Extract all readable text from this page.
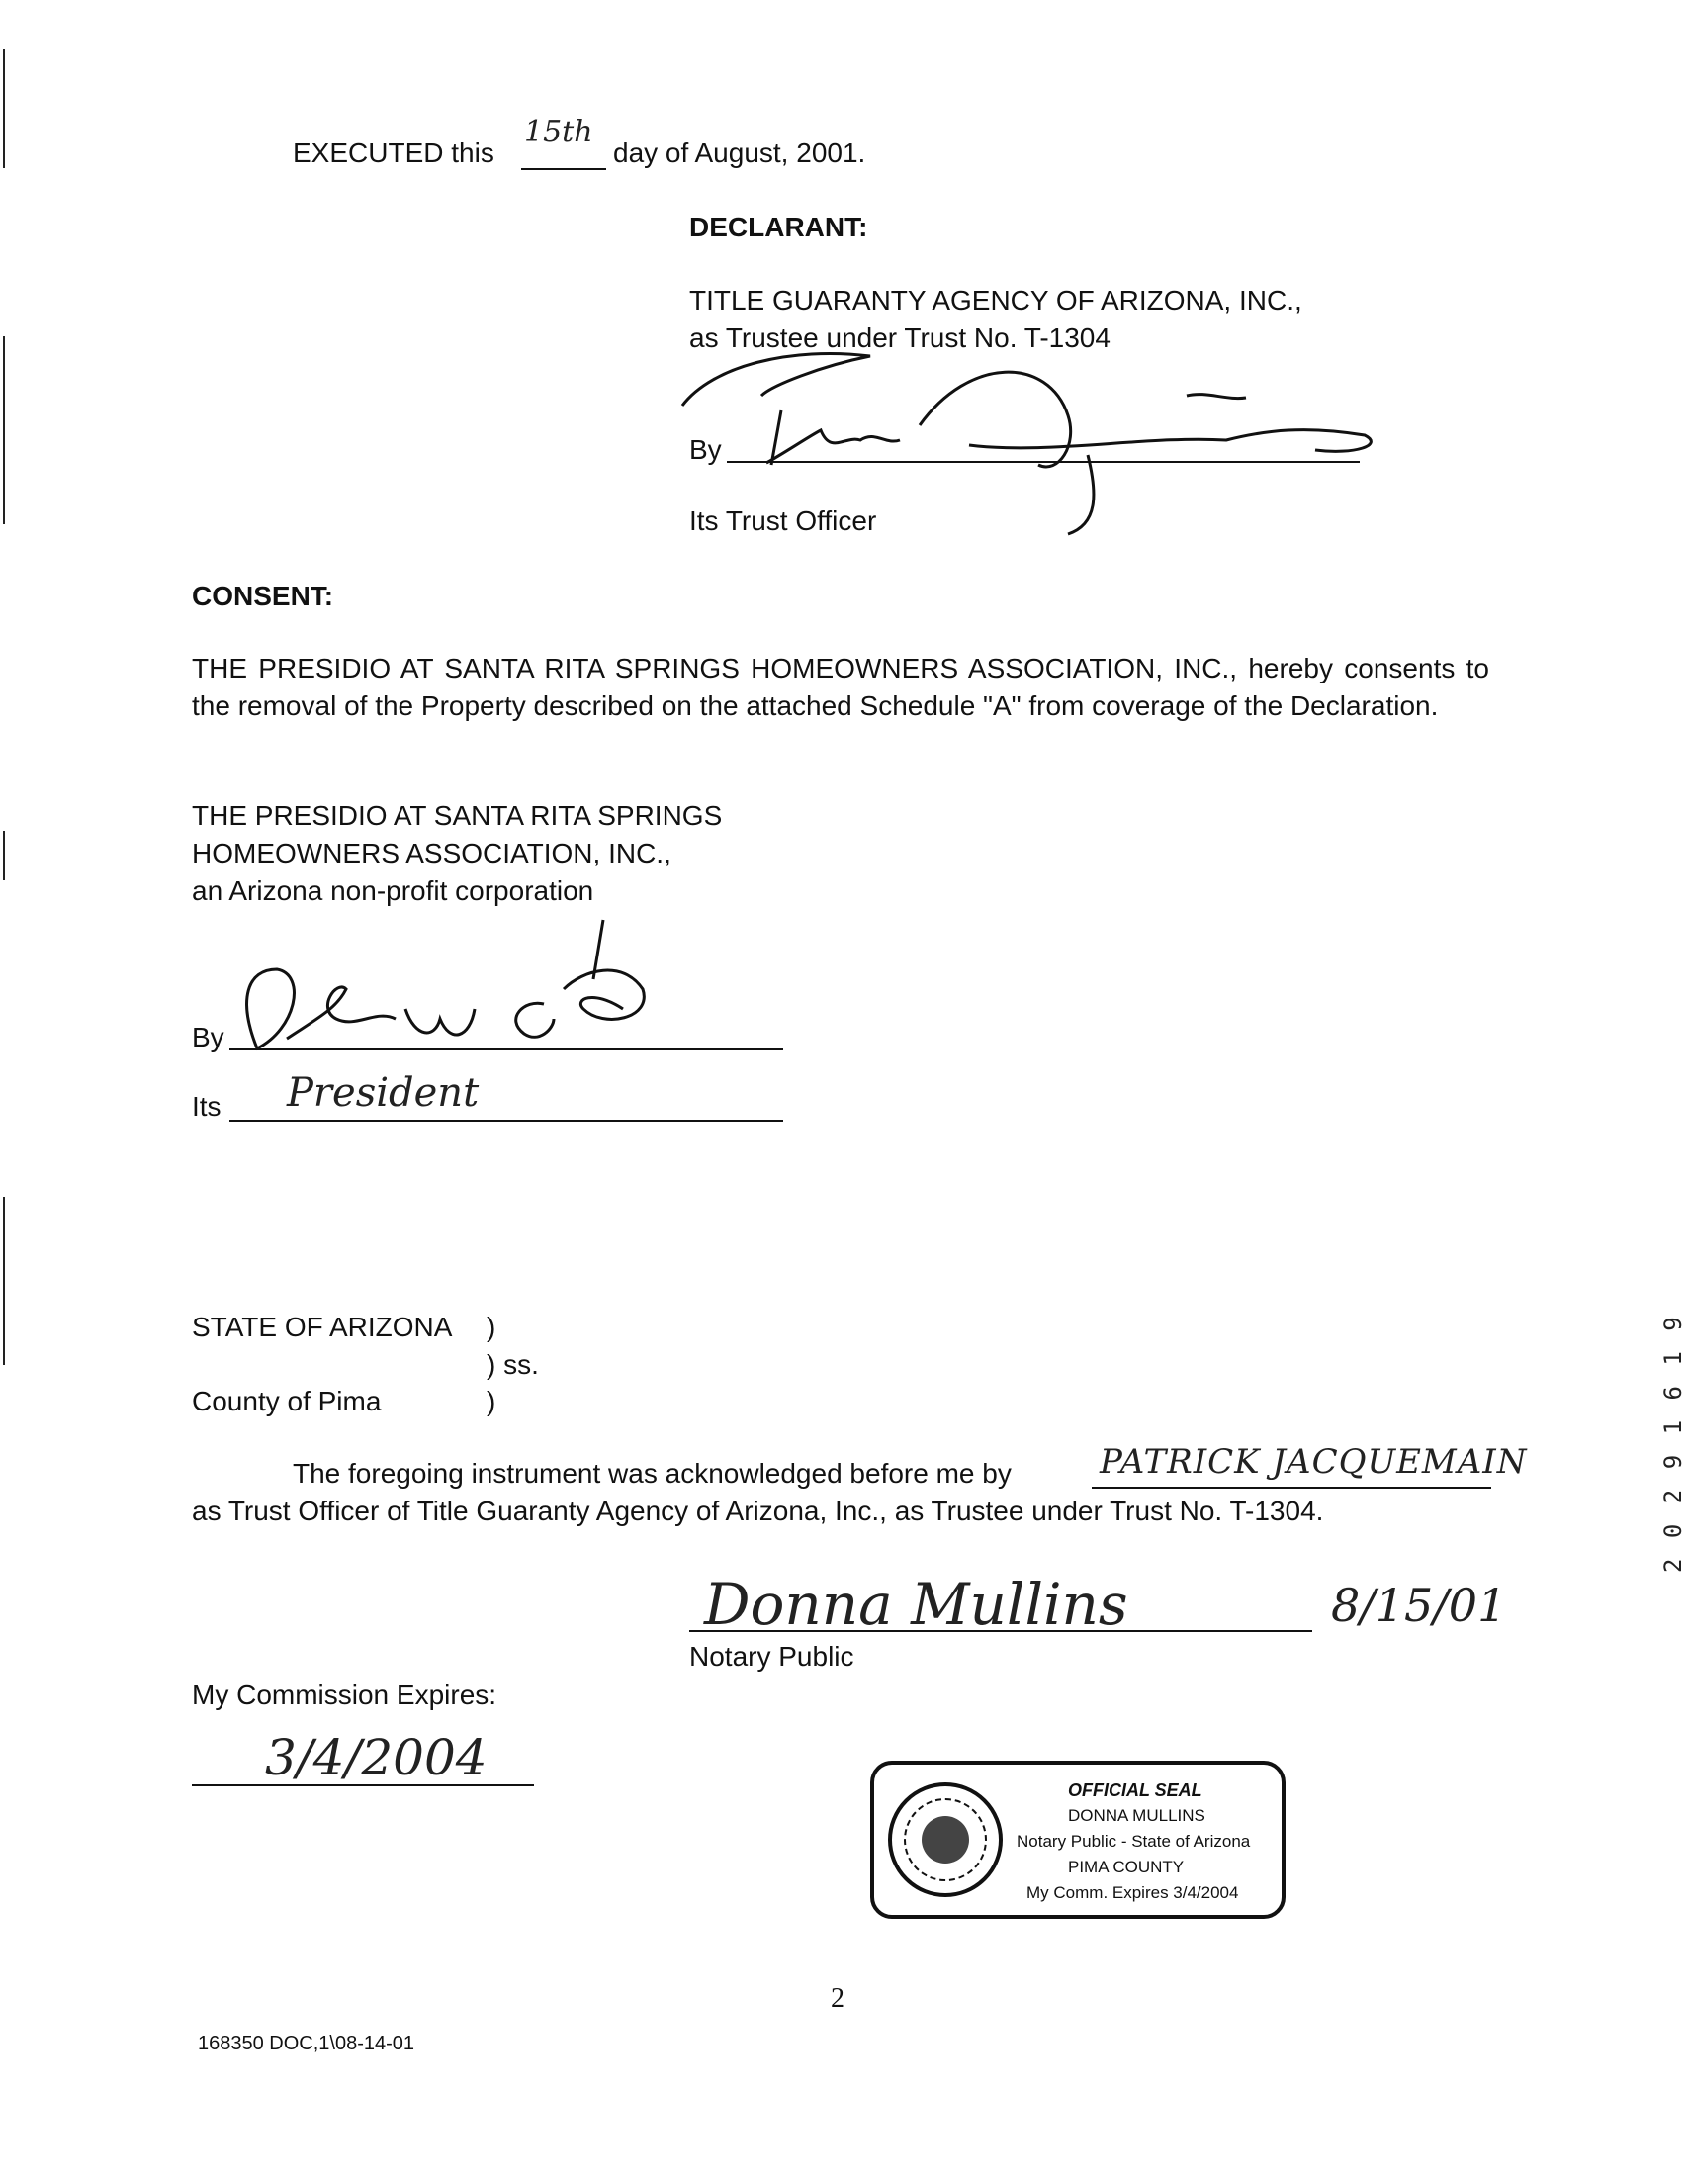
EXECUTED this
15th
day of August, 2001.
DECLARANT:
TITLE GUARANTY AGENCY OF ARIZONA, INC.,
as Trustee under Trust No. T-1304
By
Its Trust Officer
CONSENT:
THE PRESIDIO AT SANTA RITA SPRINGS HOMEOWNERS ASSOCIATION, INC., hereby consents to the removal of the Property described on the attached Schedule "A" from coverage of the Declaration.
THE PRESIDIO AT SANTA RITA SPRINGS
HOMEOWNERS ASSOCIATION, INC.,
an Arizona non-profit corporation
By
Its President
STATE OF ARIZONA )
) ss.
County of Pima	)
The foregoing instrument was acknowledged before me by	PATRICK JACQUEMAIN
as Trust Officer of Title Guaranty Agency of Arizona, Inc., as Trustee under Trust No. T-1304.
Donna Mullins	8/15/01
Notary Public
My Commission Expires:
3/4/2004
OFFICIAL SEAL
DONNA MULLINS
Notary Public - State of Arizona
PIMA COUNTY
My Comm. Expires 3/4/2004
2 0 2 9 1 6 1 9
2
168350 DOC,1\08-14-01
